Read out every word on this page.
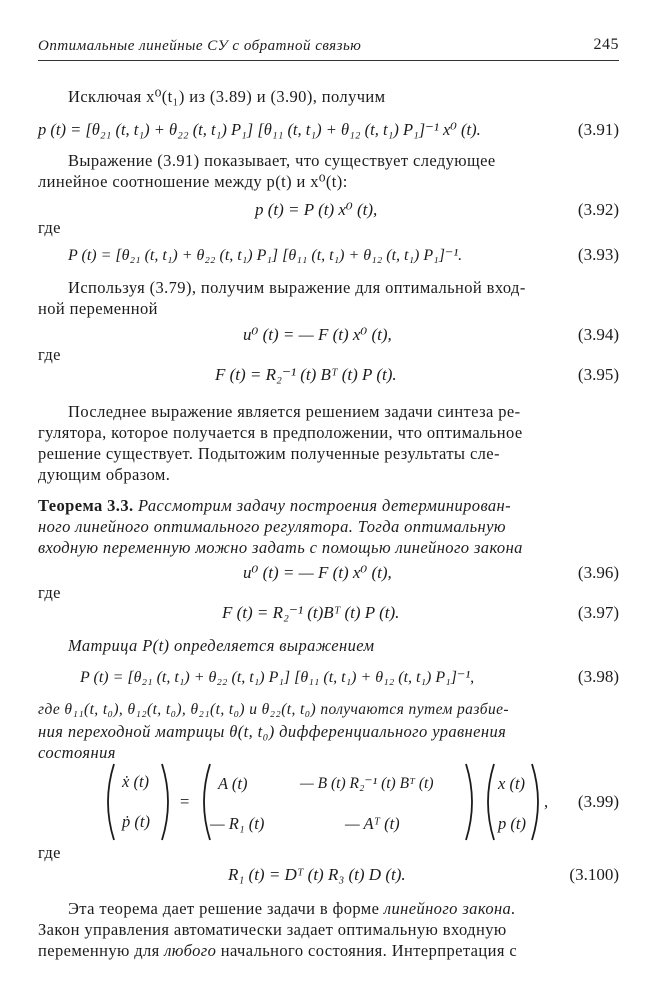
Оптимальные линейные СУ с обратной связью	245
Исключая x⁰(t₁) из (3.89) и (3.90), получим
p (t) = [θ₂₁ (t, t₁) + θ₂₂ (t, t₁) P₁] [θ₁₁ (t, t₁) + θ₁₂ (t, t₁) P₁]⁻¹ x⁰ (t).	(3.91)
Выражение (3.91) показывает, что существует следующее
линейное соотношение между p(t) и x⁰(t):
p (t) = P (t) x⁰ (t),	(3.92)
где
P (t) = [θ₂₁ (t, t₁) + θ₂₂ (t, t₁) P₁] [θ₁₁ (t, t₁) + θ₁₂ (t, t₁) P₁]⁻¹.	(3.93)
Используя (3.79), получим выражение для оптимальной вход-
ной переменной
u⁰ (t) = — F (t) x⁰ (t),	(3.94)
где
F (t) = R₂⁻¹ (t) Bᵀ (t) P (t).	(3.95)
Последнее выражение является решением задачи синтеза ре-
гулятора, которое получается в предположении, что оптимальное
решение существует. Подытожим полученные результаты сле-
дующим образом.
Теорема 3.3. Рассмотрим задачу построения детерминирован-
ного линейного оптимального регулятора. Тогда оптимальную
входную переменную можно задать с помощью линейного закона
u⁰ (t) = — F (t) x⁰ (t),	(3.96)
где
F (t) = R₂⁻¹ (t)Bᵀ (t) P (t).	(3.97)
Матрица P(t) определяется выражением
P (t) = [θ₂₁ (t, t₁) + θ₂₂ (t, t₁) P₁] [θ₁₁ (t, t₁) + θ₁₂ (t, t₁) P₁]⁻¹,	(3.98)
где θ₁₁(t, t₀), θ₁₂(t, t₀), θ₂₁(t, t₀) и θ₂₂(t, t₀) получаются путем разбие-
ния переходной матрицы θ(t, t₀) дифференциального уравнения
состояния
ẋ (t)
ṗ (t)
=
A (t)	— B (t) R₂⁻¹ (t) Bᵀ (t)
— R₁ (t)	— Aᵀ (t)
x (t)
p (t)
, (3.99)
где
R₁ (t) = Dᵀ (t) R₃ (t) D (t).	(3.100)
Эта теорема дает решение задачи в форме линейного закона.
Закон управления автоматически задает оптимальную входную
переменную для любого начального состояния. Интерпретация с
